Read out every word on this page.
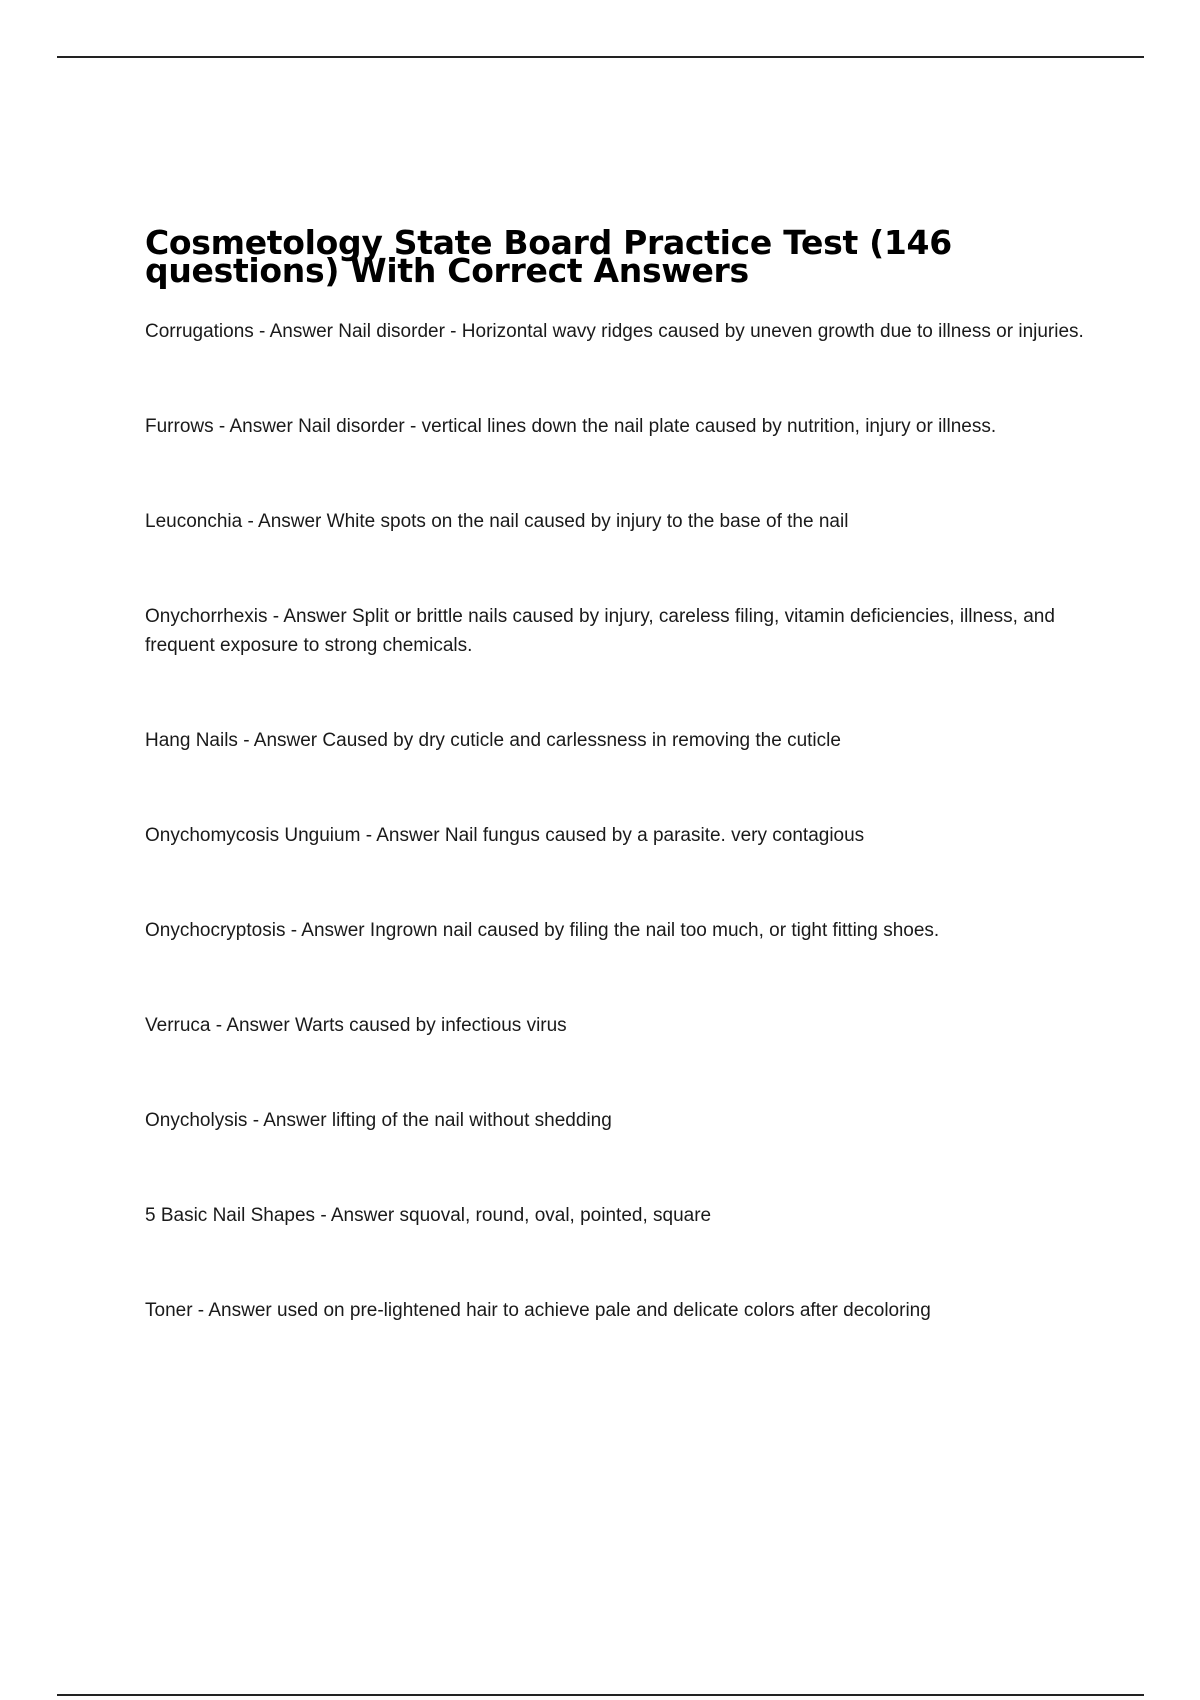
Cosmetology State Board Practice Test (146 questions) With Correct Answers
Corrugations - Answer Nail disorder - Horizontal wavy ridges caused by uneven growth due to illness or injuries.
Furrows - Answer Nail disorder - vertical lines down the nail plate caused by nutrition, injury or illness.
Leuconchia - Answer White spots on the nail caused by injury to the base of the nail
Onychorrhexis - Answer Split or brittle nails caused by injury, careless filing, vitamin deficiencies, illness, and frequent exposure to strong chemicals.
Hang Nails - Answer Caused by dry cuticle and carlessness in removing the cuticle
Onychomycosis Unguium - Answer Nail fungus caused by a parasite. very contagious
Onychocryptosis - Answer Ingrown nail caused by filing the nail too much, or tight fitting shoes.
Verruca - Answer Warts caused by infectious virus
Onycholysis - Answer lifting of the nail without shedding
5 Basic Nail Shapes - Answer squoval, round, oval, pointed, square
Toner - Answer used on pre-lightened hair to achieve pale and delicate colors after decoloring
